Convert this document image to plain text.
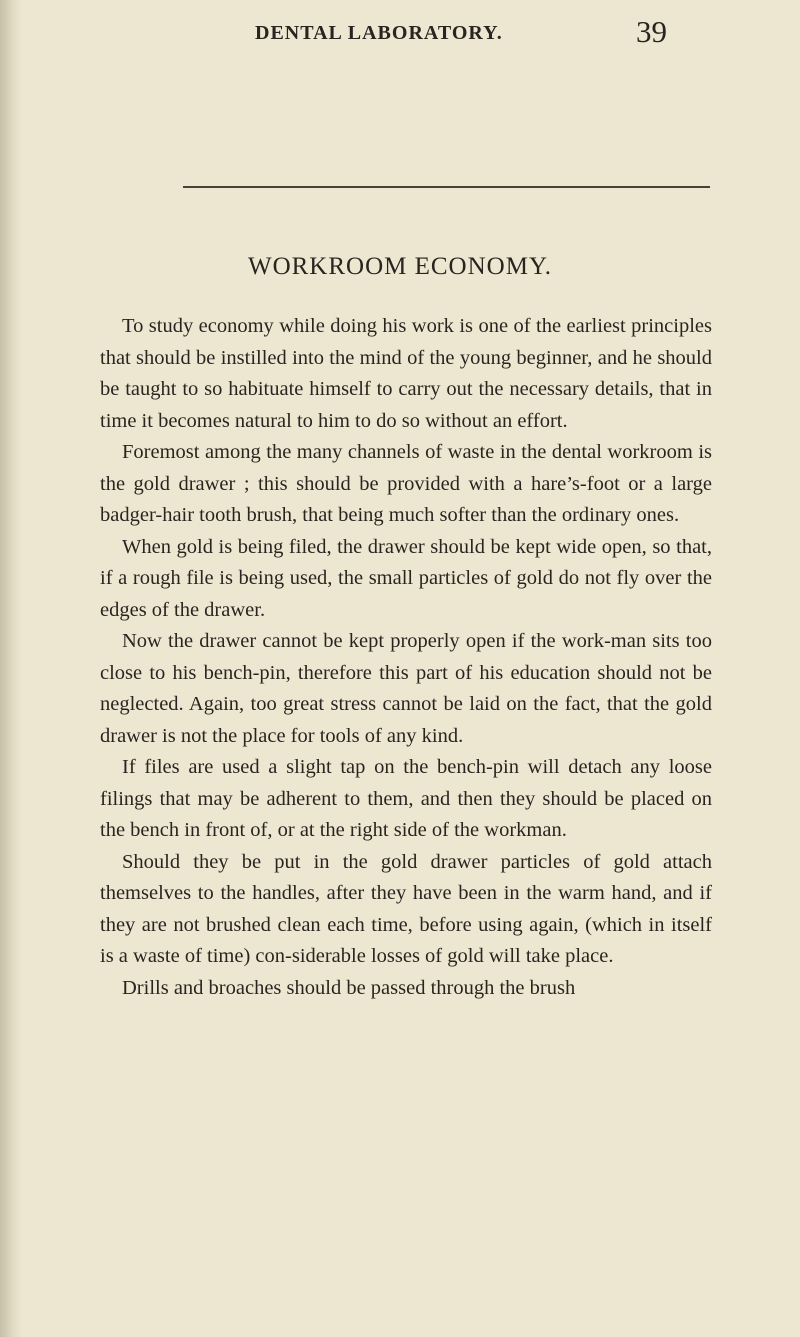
DENTAL LABORATORY.	39
WORKROOM ECONOMY.

To study economy while doing his work is one of the earliest principles that should be instilled into the mind of the young beginner, and he should be taught to so habituate himself to carry out the necessary details, that in time it becomes natural to him to do so without an effort.

Foremost among the many channels of waste in the dental workroom is the gold drawer ; this should be provided with a hare’s-foot or a large badger-hair tooth brush, that being much softer than the ordinary ones.

When gold is being filed, the drawer should be kept wide open, so that, if a rough file is being used, the small particles of gold do not fly over the edges of the drawer.

Now the drawer cannot be kept properly open if the work-man sits too close to his bench-pin, therefore this part of his education should not be neglected. Again, too great stress cannot be laid on the fact, that the gold drawer is not the place for tools of any kind.

If files are used a slight tap on the bench-pin will detach any loose filings that may be adherent to them, and then they should be placed on the bench in front of, or at the right side of the workman.

Should they be put in the gold drawer particles of gold attach themselves to the handles, after they have been in the warm hand, and if they are not brushed clean each time, before using again, (which in itself is a waste of time) con-siderable losses of gold will take place.

Drills and broaches should be passed through the brush
